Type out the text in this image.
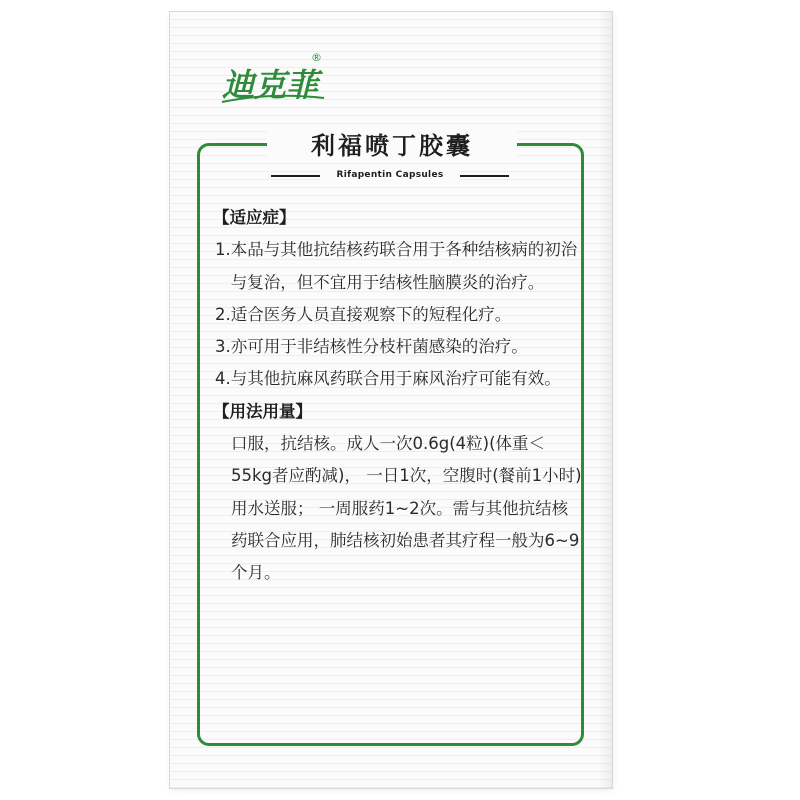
迪克菲
®
利福喷丁胶囊
Rifapentin Capsules
【适应症】
1. 本品与其他抗结核药联合用于各种结核病的初治与复治，但不宜用于结核性脑膜炎的治疗。
2. 适合医务人员直接观察下的短程化疗。
3. 亦可用于非结核性分枝杆菌感染的治疗。
4. 与其他抗麻风药联合用于麻风治疗可能有效。
【用法用量】
口服，抗结核。成人一次0.6g(4粒)(体重＜55kg者应酌减)， 一日1次，空腹时(餐前1小时)用水送服； 一周服药1~2次。需与其他抗结核药联合应用，肺结核初始患者其疗程一般为6~9个月。
